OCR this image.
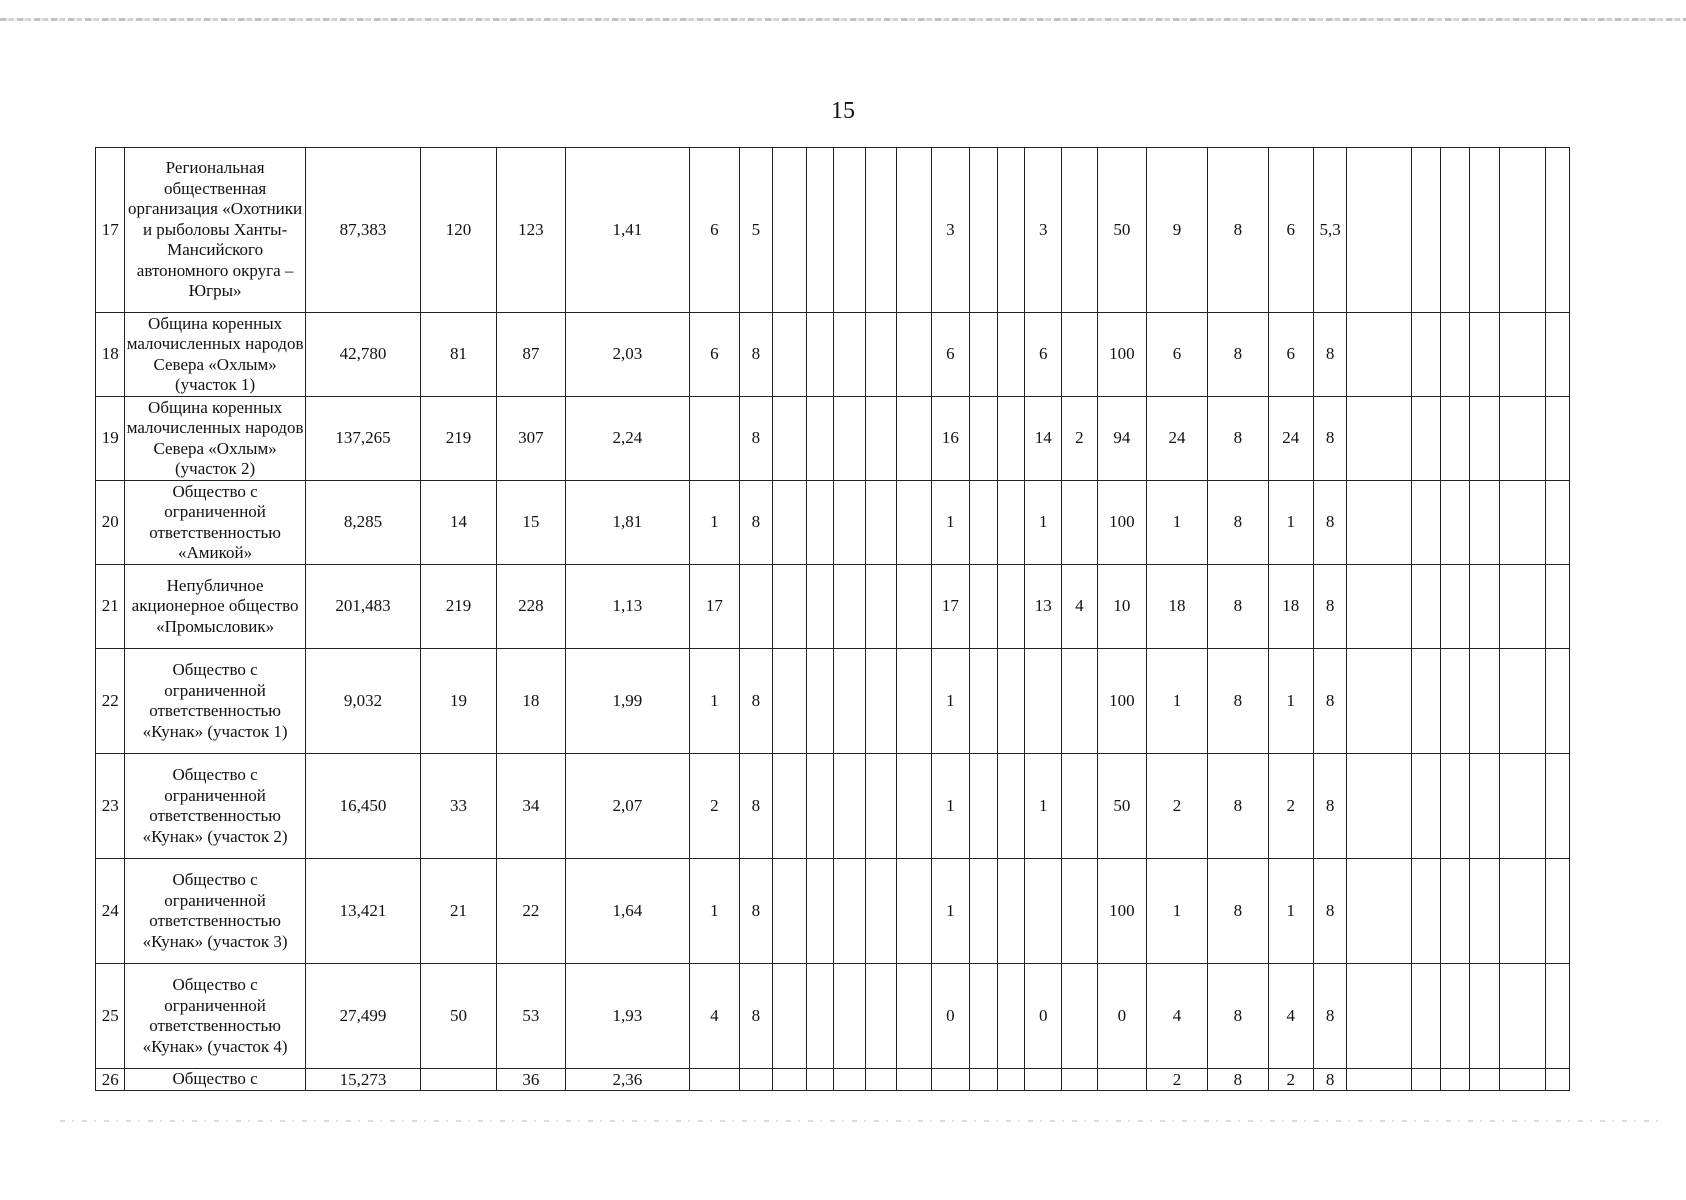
15
17	Региональная общественная организация «Охотники и рыболовы Ханты-Мансийского автономного округа – Югры»	87,383	120	123	1,41	6	5						3			3		50	9	8	6	5,3						
18	Община коренных малочисленных народов Севера «Охлым» (участок 1)	42,780	81	87	2,03	6	8						6			6		100	6	8	6	8						
19	Община коренных малочисленных народов Севера «Охлым» (участок 2)	137,265	219	307	2,24		8						16			14	2	94	24	8	24	8						
20	Общество с ограниченной ответственностью «Амикой»	8,285	14	15	1,81	1	8						1			1		100	1	8	1	8						
21	Непубличное акционерное общество «Промысловик»	201,483	219	228	1,13	17							17			13	4	10	18	8	18	8						
22	Общество с ограниченной ответственностью «Кунак» (участок 1)	9,032	19	18	1,99	1	8						1					100	1	8	1	8						
23	Общество с ограниченной ответственностью «Кунак» (участок 2)	16,450	33	34	2,07	2	8						1			1		50	2	8	2	8						
24	Общество с ограниченной ответственностью «Кунак» (участок 3)	13,421	21	22	1,64	1	8						1					100	1	8	1	8						
25	Общество с ограниченной ответственностью «Кунак» (участок 4)	27,499	50	53	1,93	4	8						0			0		0	4	8	4	8						
26	Общество с	15,273		36	2,36														2	8	2	8						
